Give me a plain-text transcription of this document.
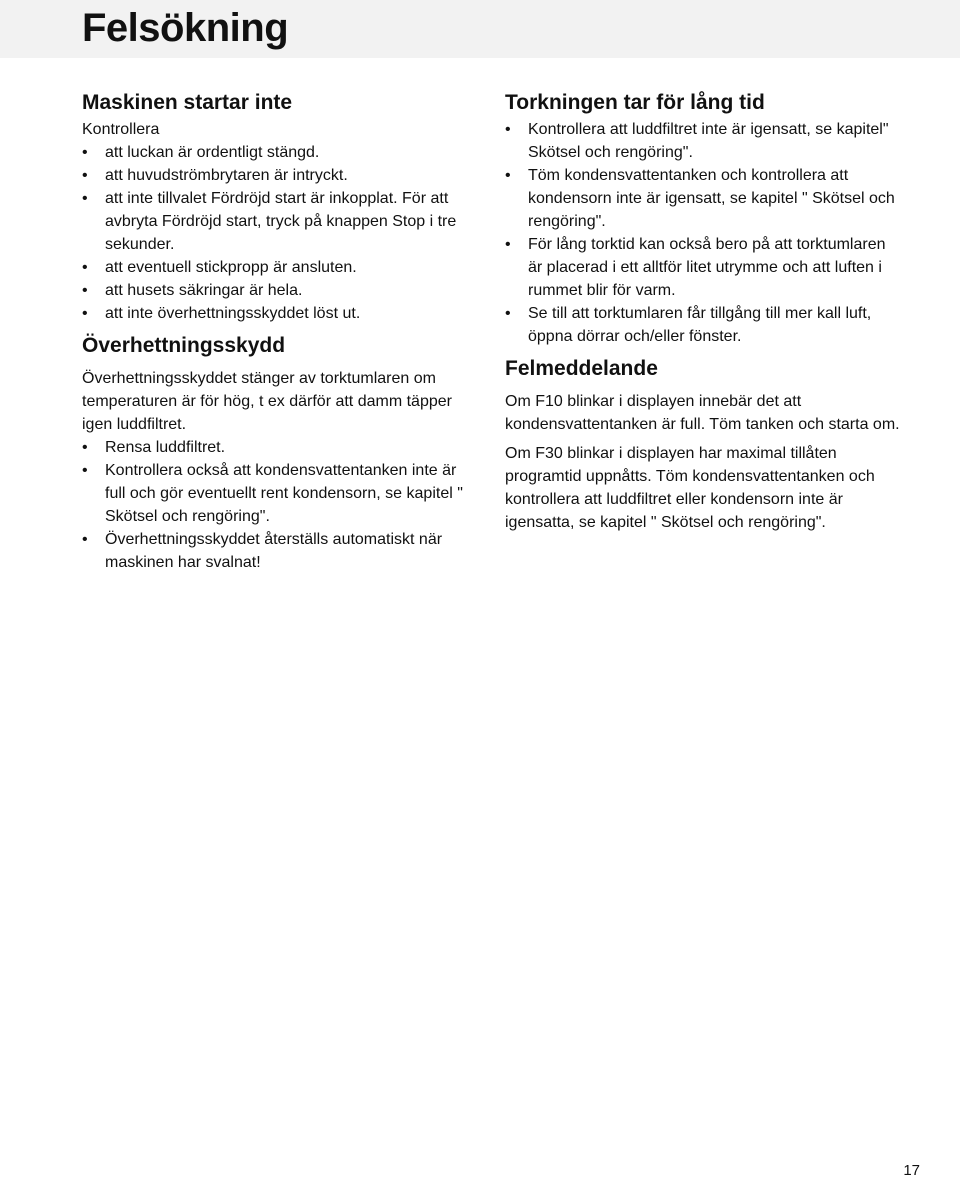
Felsökning
Maskinen startar inte

Kontrollera

• att luckan är ordentligt stängd.
• att huvudströmbrytaren är intryckt.
• att inte tillvalet Fördröjd start är inkopplat. För att avbryta Fördröjd start, tryck på knappen Stop i tre sekunder.
• att eventuell stickpropp är ansluten.
• att husets säkringar är hela.
• att inte överhettningsskyddet löst ut.
Överhettningsskydd

Överhettningsskyddet stänger av torktumlaren om temperaturen är för hög, t ex därför att damm täpper igen luddfiltret.

• Rensa luddfiltret.
• Kontrollera också att kondensvattentanken inte är full och gör eventuellt rent kondensorn, se kapitel " Skötsel och rengöring".
• Överhettningsskyddet återställs automatiskt när maskinen har svalnat!
Torkningen tar för lång tid
• Kontrollera att luddfiltret inte är igensatt, se kapitel" Skötsel och rengöring".
• Töm kondensvattentanken och kontrollera att kondensorn inte är igensatt, se kapitel " Skötsel och rengöring".
• För lång torktid kan också bero på att torktumlaren är placerad i ett alltför litet utrymme och att luften i rummet blir för varm.
• Se till att torktumlaren får tillgång till mer kall luft, öppna dörrar och/eller fönster.
Felmeddelande

Om F10 blinkar i displayen innebär det att kondensvattentanken är full. Töm tanken och starta om.

Om F30 blinkar i displayen har maximal tillåten programtid uppnåtts. Töm kondensvattentanken och kontrollera att luddfiltret eller kondensorn inte är igensatta, se kapitel " Skötsel och rengöring".

17
